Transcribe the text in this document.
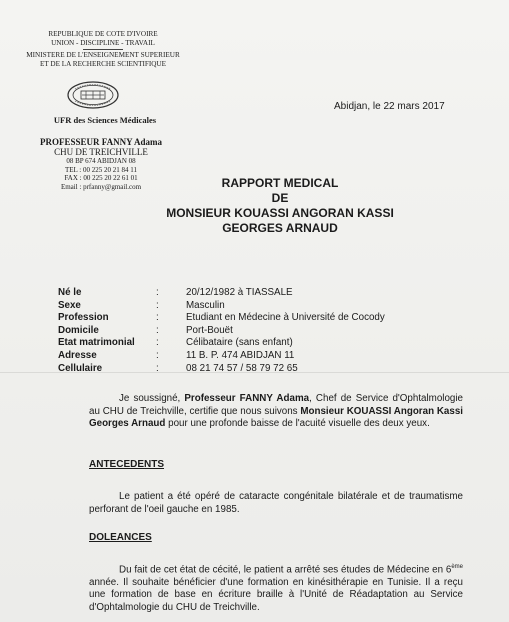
REPUBLIQUE DE COTE D'IVOIRE
UNION - DISCIPLINE - TRAVAIL
MINISTERE DE L'ENSEIGNEMENT SUPERIEUR
ET DE LA RECHERCHE SCIENTIFIQUE
UFR des Sciences Médicales
PROFESSEUR FANNY Adama
CHU DE TREICHVILLE
08 BP 674 ABIDJAN 08
TEL : 00 225 20 21 84 11
FAX : 00 225 20 22 61 01
Email : prfanny@gmail.com
Abidjan, le 22 mars 2017
RAPPORT MEDICAL
DE
MONSIEUR KOUASSI ANGORAN KASSI
GEORGES ARNAUD
Né le	:	20/12/1982 à TIASSALE
Sexe	:	Masculin
Profession	:	Etudiant en Médecine à Université de Cocody
Domicile	:	Port-Bouët
Etat matrimonial	:	Célibataire (sans enfant)
Adresse	:	11 B. P. 474 ABIDJAN 11
Cellulaire	:	08 21 74 57 / 58 79 72 65
Je soussigné, Professeur FANNY Adama, Chef de Service d'Ophtalmologie au CHU de Treichville, certifie que nous suivons Monsieur KOUASSI Angoran Kassi Georges Arnaud pour une profonde baisse de l'acuité visuelle des deux yeux.
ANTECEDENTS
Le patient a été opéré de cataracte congénitale bilatérale et de traumatisme perforant de l'oeil gauche en 1985.
DOLEANCES
Du fait de cet état de cécité, le patient a arrêté ses études de Médecine en 6ème année. Il souhaite bénéficier d'une formation en kinésithérapie en Tunisie. Il a reçu une formation de base en écriture braille à l'Unité de Réadaptation au Service d'Ophtalmologie du CHU de Treichville.
